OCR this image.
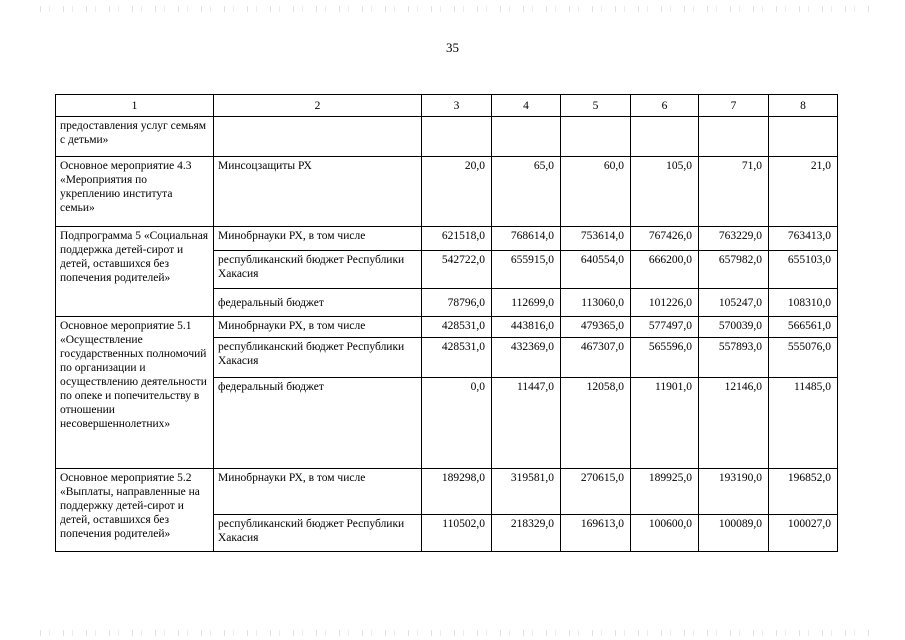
35
1	2	3	4	5	6	7	8
предоставления услуг семьям с детьми»							
Основное мероприятие 4.3 «Мероприятия по укреплению института семьи»	Минсоцзащиты РХ	20,0	65,0	60,0	105,0	71,0	21,0
Подпрограмма 5 «Социальная поддержка детей-сирот и детей, оставшихся без попечения родителей»	Минобрнауки РХ, в том числе	621518,0	768614,0	753614,0	767426,0	763229,0	763413,0
	республиканский бюджет Республики Хакасия	542722,0	655915,0	640554,0	666200,0	657982,0	655103,0
	федеральный бюджет	78796,0	112699,0	113060,0	101226,0	105247,0	108310,0
Основное мероприятие 5.1 «Осуществление государственных полномочий по организации и осуществлению деятельности по опеке и попечительству в отношении несовершеннолетних»	Минобрнауки РХ, в том числе	428531,0	443816,0	479365,0	577497,0	570039,0	566561,0
	республиканский бюджет Республики Хакасия	428531,0	432369,0	467307,0	565596,0	557893,0	555076,0
	федеральный бюджет	0,0	11447,0	12058,0	11901,0	12146,0	11485,0
Основное мероприятие 5.2 «Выплаты, направленные на поддержку детей-сирот и детей, оставшихся без попечения родителей»	Минобрнауки РХ, в том числе	189298,0	319581,0	270615,0	189925,0	193190,0	196852,0
	республиканский бюджет Республики Хакасия	110502,0	218329,0	169613,0	100600,0	100089,0	100027,0
